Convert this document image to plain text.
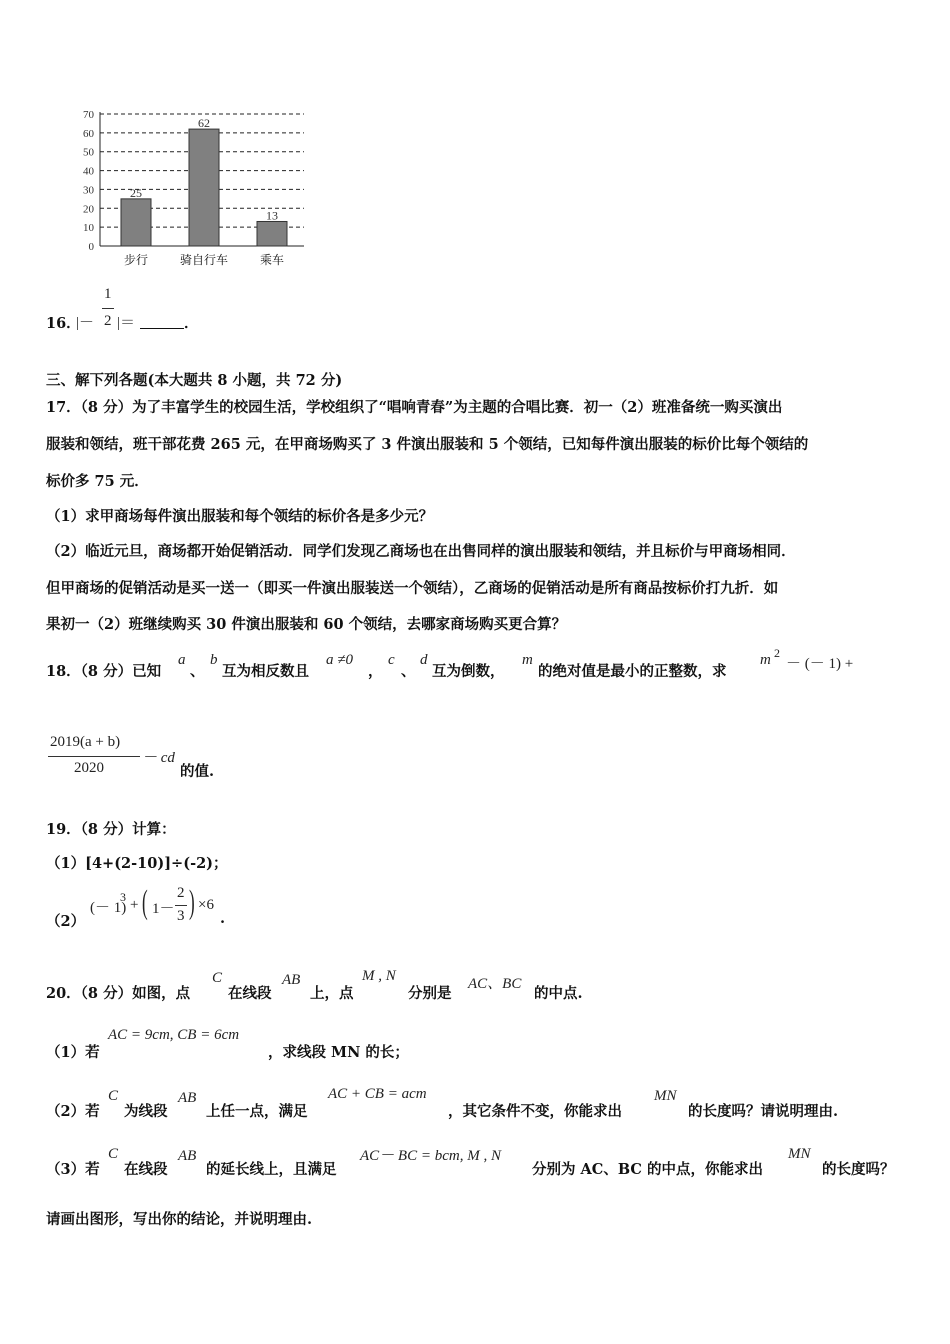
0
10
20
30
40
50
60
70
25
步行
62
骑自行车
13
乘车
16．
|－
1
2 |＝	．
三、解下列各题(本大题共 8 小题，共 72 分)
17．（8 分）为了丰富学生的校园生活，学校组织了“唱响青春”为主题的合唱比赛．初一（2）班准备统一购买演出
服装和领结，班干部花费 265 元，在甲商场购买了 3 件演出服装和 5 个领结，已知每件演出服装的标价比每个领结的
标价多 75 元．
（1）求甲商场每件演出服装和每个领结的标价各是多少元？
（2）临近元旦，商场都开始促销活动．同学们发现乙商场也在出售同样的演出服装和领结，并且标价与甲商场相同．
但甲商场的促销活动是买一送一（即买一件演出服装送一个领结），乙商场的促销活动是所有商品按标价打九折．如
果初一（2）班继续购买 30 件演出服装和 60 个领结，去哪家商场购买更合算？
18．（8 分）已知
a
、
b
互为相反数且
a ≠0
，
c
、
d
互为倒数，
m
的绝对值是最小的正整数，求
m 2
－ (－ 1) +
2019(a + b)
2020
－ cd
的值.
19．（8 分）计算：
（1）[4+(2-10)]÷(-2)；
（2）
(－ 1)
3 + ( 1－
2
3 ) ×6
.
20．（8 分）如图，点
C
在线段
AB
上，点
M , N
分别是
AC、BC
的中点.
（1）若
AC = 9cm, CB = 6cm
，求线段 MN 的长；
（2）若
C
为线段
AB
上任一点，满足
AC + CB = acm
，其它条件不变，你能求出
MN
的长度吗？请说明理由.
（3）若
C
在线段
AB
的延长线上，且满足
AC－ BC = bcm, M , N
分别为 AC、BC 的中点，你能求出
MN
的长度吗？
请画出图形，写出你的结论，并说明理由.
